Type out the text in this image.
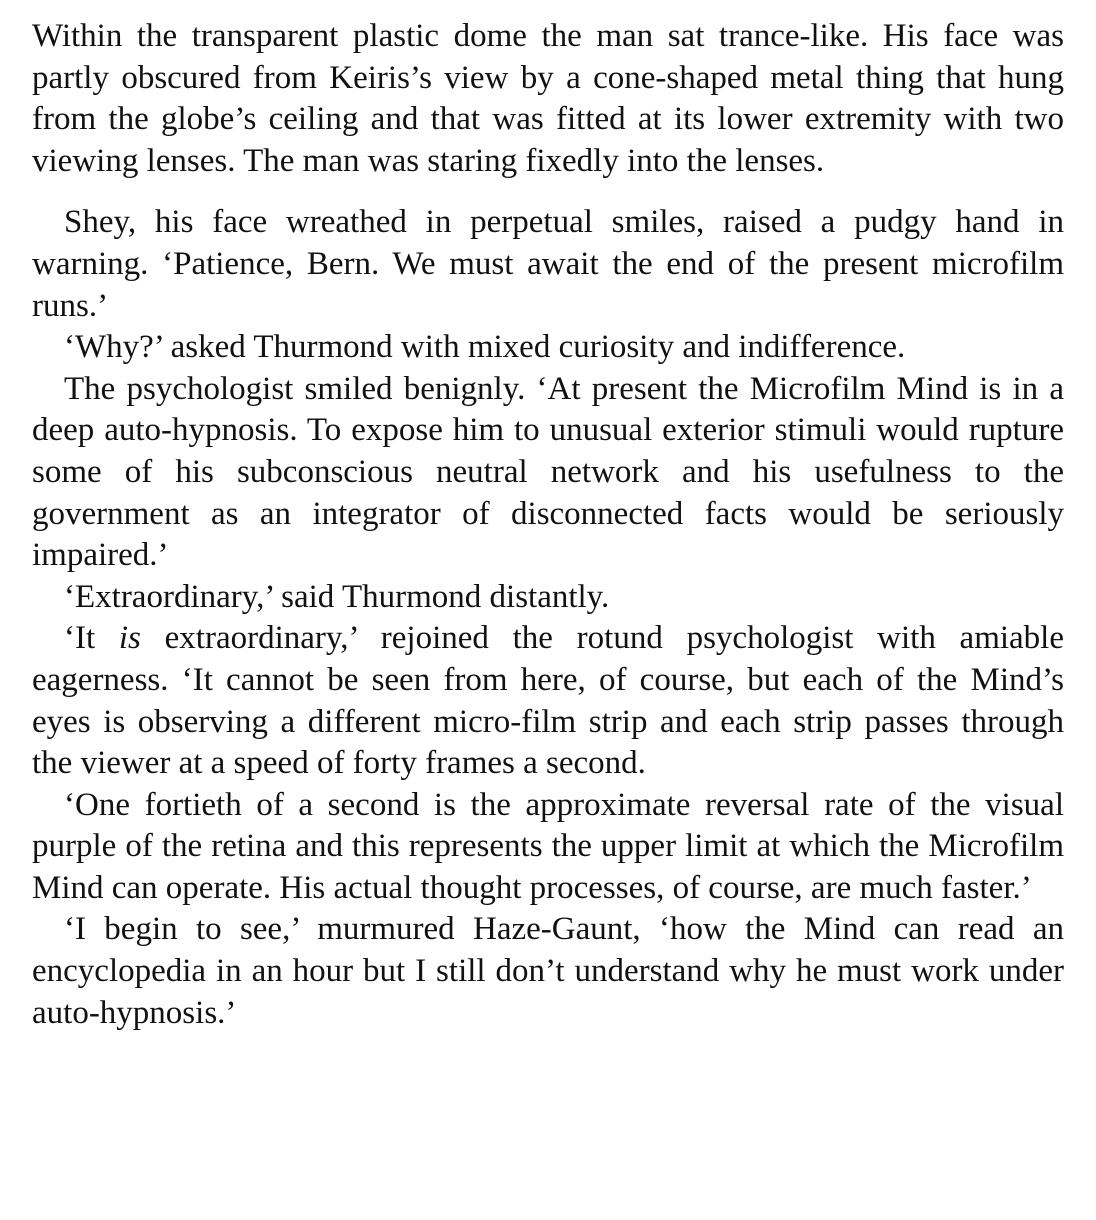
Within the transparent plastic dome the man sat trance-like. His face was partly obscured from Keiris’s view by a cone-shaped metal thing that hung from the globe’s ceiling and that was fitted at its lower extremity with two viewing lenses. The man was staring fixedly into the lenses.

Shey, his face wreathed in perpetual smiles, raised a pudgy hand in warning. ‘Patience, Bern. We must await the end of the present microfilm runs.’

‘Why?’ asked Thurmond with mixed curiosity and indifference.

The psychologist smiled benignly. ‘At present the Microfilm Mind is in a deep auto-hypnosis. To expose him to unusual exterior stimuli would rupture some of his subconscious neutral network and his usefulness to the government as an integrator of disconnected facts would be seriously impaired.’

‘Extraordinary,’ said Thurmond distantly.

‘It is extraordinary,’ rejoined the rotund psychologist with amiable eagerness. ‘It cannot be seen from here, of course, but each of the Mind’s eyes is observing a different micro-film strip and each strip passes through the viewer at a speed of forty frames a second.

‘One fortieth of a second is the approximate reversal rate of the visual purple of the retina and this represents the upper limit at which the Microfilm Mind can operate. His actual thought processes, of course, are much faster.’

‘I begin to see,’ murmured Haze-Gaunt, ‘how the Mind can read an encyclopedia in an hour but I still don’t understand why he must work under auto-hypnosis.’
